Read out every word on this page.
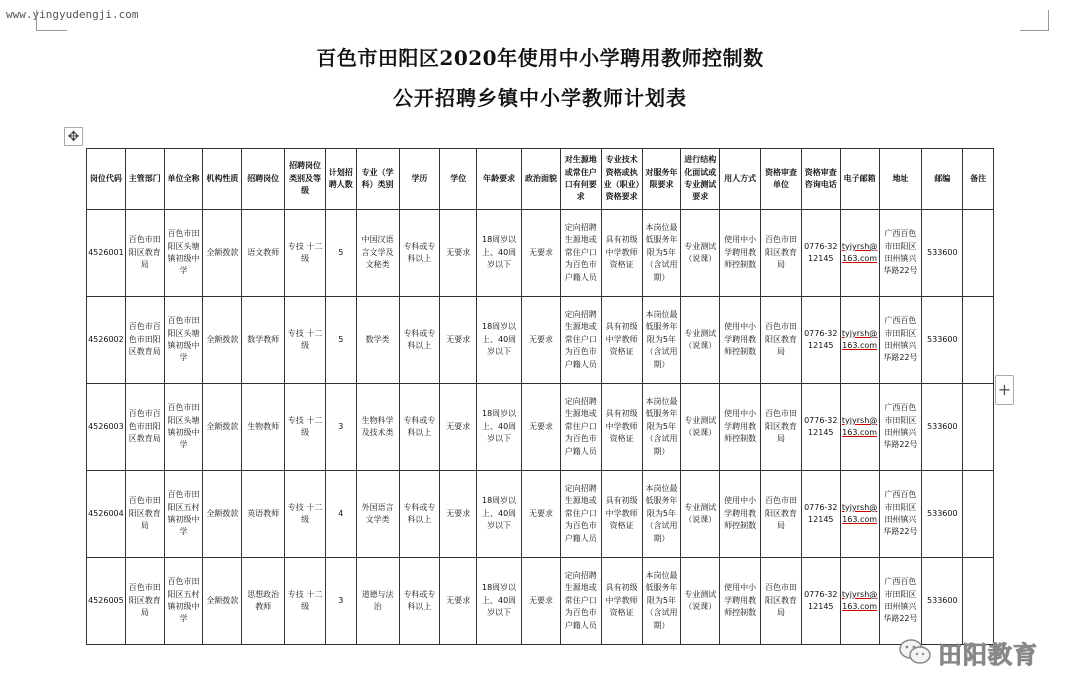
www.yingyudengji.com
百色市田阳区2020年使用中小学聘用教师控制数
公开招聘乡镇中小学教师计划表
✥
+
岗位代码	主管部门	单位全称	机构性质	招聘岗位	招聘岗位类别及等级	计划招聘人数	专业（学科）类别	学历	学位	年龄要求	政治面貌	对生源地或常住户口有何要求	专业技术资格或执业（职业）资格要求	对服务年限要求	进行结构化面试或专业测试要求	用人方式	资格审查单位	资格审查咨询电话	电子邮箱	地址	邮编	备注
4526001	百色市田阳区教育局	百色市田阳区头塘镇初级中学	全额拨款	语文教师	专技 十二级	5	中国汉语言文学及文秘类	专科或专科以上	无要求	18周岁以上、40周岁以下	无要求	定向招聘生源地或常住户口为百色市户籍人员	具有初级中学教师资格证	本岗位最低服务年限为5年（含试用期）	专业测试（说课）	使用中小学聘用教师控制数	百色市田阳区教育局	0776-3212145	tyjyrsh@163.com	广西百色市田阳区田州镇兴华路22号	533600	
4526002	百色市百色市田阳区教育局	百色市田阳区头塘镇初级中学	全额拨款	数学教师	专技 十二级	5	数学类	专科或专科以上	无要求	18周岁以上、40周岁以下	无要求	定向招聘生源地或常住户口为百色市户籍人员	具有初级中学教师资格证	本岗位最低服务年限为5年（含试用期）	专业测试（说课）	使用中小学聘用教师控制数	百色市田阳区教育局	0776-3212145	tyjyrsh@163.com	广西百色市田阳区田州镇兴华路22号	533600	
4526003	百色市百色市田阳区教育局	百色市田阳区头塘镇初级中学	全额拨款	生物教师	专技 十二级	3	生物科学及技术类	专科或专科以上	无要求	18周岁以上、40周岁以下	无要求	定向招聘生源地或常住户口为百色市户籍人员	具有初级中学教师资格证	本岗位最低服务年限为5年（含试用期）	专业测试（说课）	使用中小学聘用教师控制数	百色市田阳区教育局	0776-3212145	tyjyrsh@163.com	广西百色市田阳区田州镇兴华路22号	533600	
4526004	百色市田阳区教育局	百色市田阳区五村镇初级中学	全额拨款	英语教师	专技 十二级	4	外国语言文学类	专科或专科以上	无要求	18周岁以上、40周岁以下	无要求	定向招聘生源地或常住户口为百色市户籍人员	具有初级中学教师资格证	本岗位最低服务年限为5年（含试用期）	专业测试（说课）	使用中小学聘用教师控制数	百色市田阳区教育局	0776-3212145	tyjyrsh@163.com	广西百色市田阳区田州镇兴华路22号	533600	
4526005	百色市田阳区教育局	百色市田阳区五村镇初级中学	全额拨款	思想政治教师	专技 十二级	3	道德与法治	专科或专科以上	无要求	18周岁以上、40周岁以下	无要求	定向招聘生源地或常住户口为百色市户籍人员	具有初级中学教师资格证	本岗位最低服务年限为5年（含试用期）	专业测试（说课）	使用中小学聘用教师控制数	百色市田阳区教育局	0776-3212145	tyjyrsh@163.com	广西百色市田阳区田州镇兴华路22号	533600	
田阳教育
